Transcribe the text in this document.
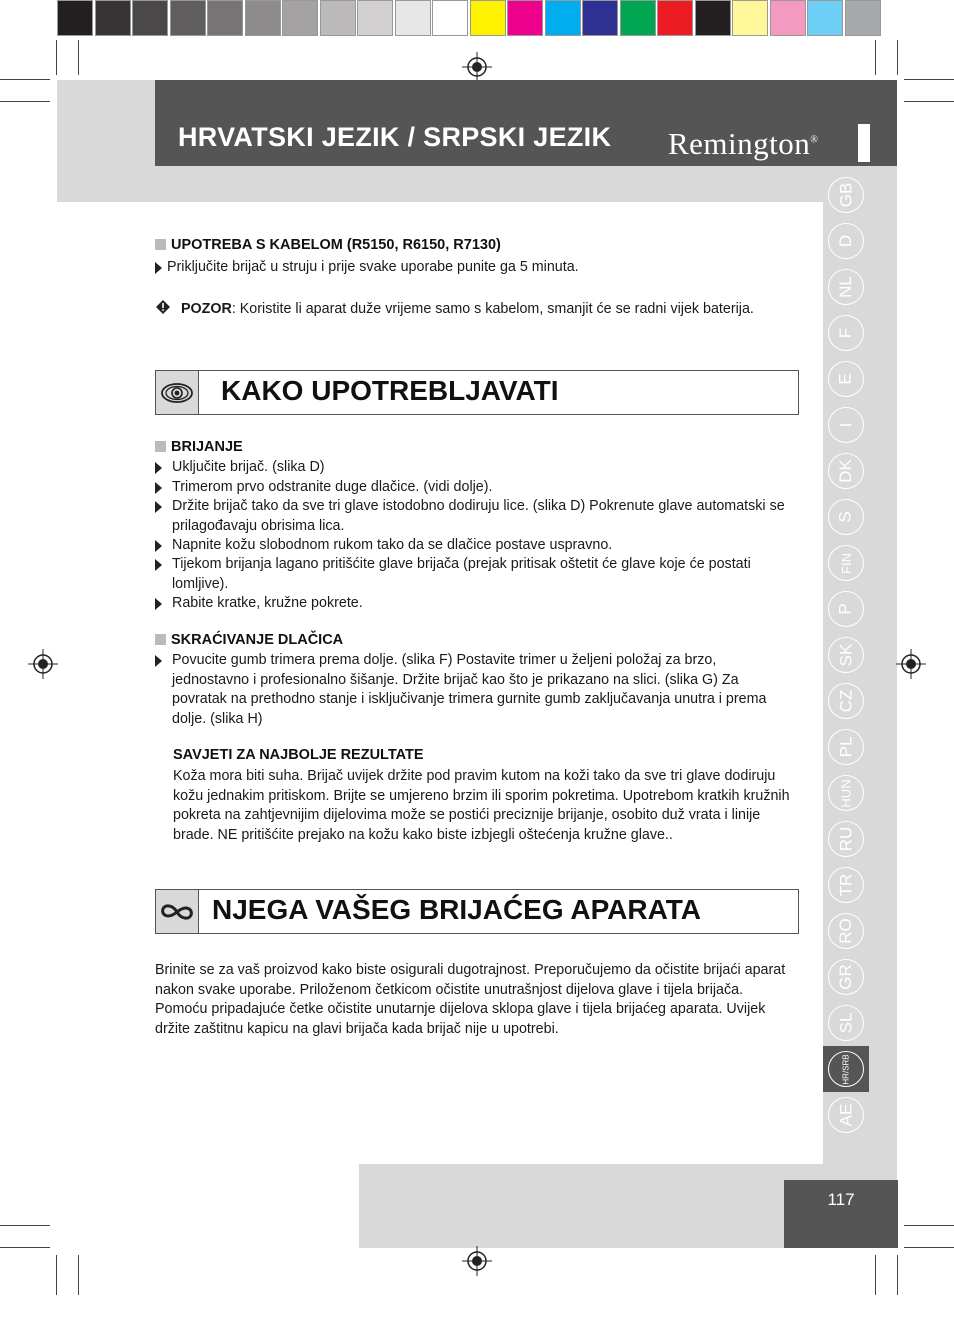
HRVATSKI JEZIK / SRPSKI JEZIK Remington®
UPOTREBA S KABELOM (R5150, R6150, R7130)
Priključite brijač u struju i prije svake uporabe punite ga 5 minuta.
POZOR: Koristite li aparat duže vrijeme samo s kabelom, smanjit će se radni vijek baterija.
KAKO UPOTREBLJAVATI
BRIJANJE
Uključite brijač. (slika D)
Trimerom prvo odstranite duge dlačice. (vidi dolje).
Držite brijač tako da sve tri glave istodobno dodiruju lice. (slika D) Pokrenute glave automatski se prilagođavaju obrisima lica.
Napnite kožu slobodnom rukom tako da se dlačice postave uspravno.
Tijekom brijanja lagano pritišćite glave brijača (prejak pritisak oštetit će glave koje će postati lomljive).
Rabite kratke, kružne pokrete.
SKRAĆIVANJE DLAČICA
Povucite gumb trimera prema dolje. (slika F) Postavite trimer u željeni položaj za brzo, jednostavno i profesionalno šišanje. Držite brijač kao što je prikazano na slici. (slika G) Za povratak na prethodno stanje i isključivanje trimera gurnite gumb zaključavanja unutra i prema dolje. (slika H)
SAVJETI ZA NAJBOLJE REZULTATE
Koža mora biti suha. Brijač uvijek držite pod pravim kutom na koži tako da sve tri glave dodiruju kožu jednakim pritiskom. Brijte se umjereno brzim ili sporim pokretima. Upotrebom kratkih kružnih pokreta na zahtjevnijim dijelovima može se postići preciznije brijanje, osobito duž vrata i linije brade. NE pritišćite prejako na kožu kako biste izbjegli oštećenja kružne glave..
NJEGA VAŠEG BRIJAĆEG APARATA
Brinite se za vaš proizvod kako biste osigurali dugotrajnost. Preporučujemo da očistite brijaći aparat nakon svake uporabe. Priloženom četkicom očistite unutrašnjost dijelova glave i tijela brijača. Pomoću pripadajuće četke očistite unutarnje dijelova sklopa glave i tijela brijaćeg aparata. Uvijek držite zaštitnu kapicu na glavi brijača kada brijač nije u upotrebi.
GB
D
NL
F
E
I
DK
S
FIN
P
SK
CZ
PL
HUN
RU
TR
RO
GR
SL
HR/SRB
AE
117
